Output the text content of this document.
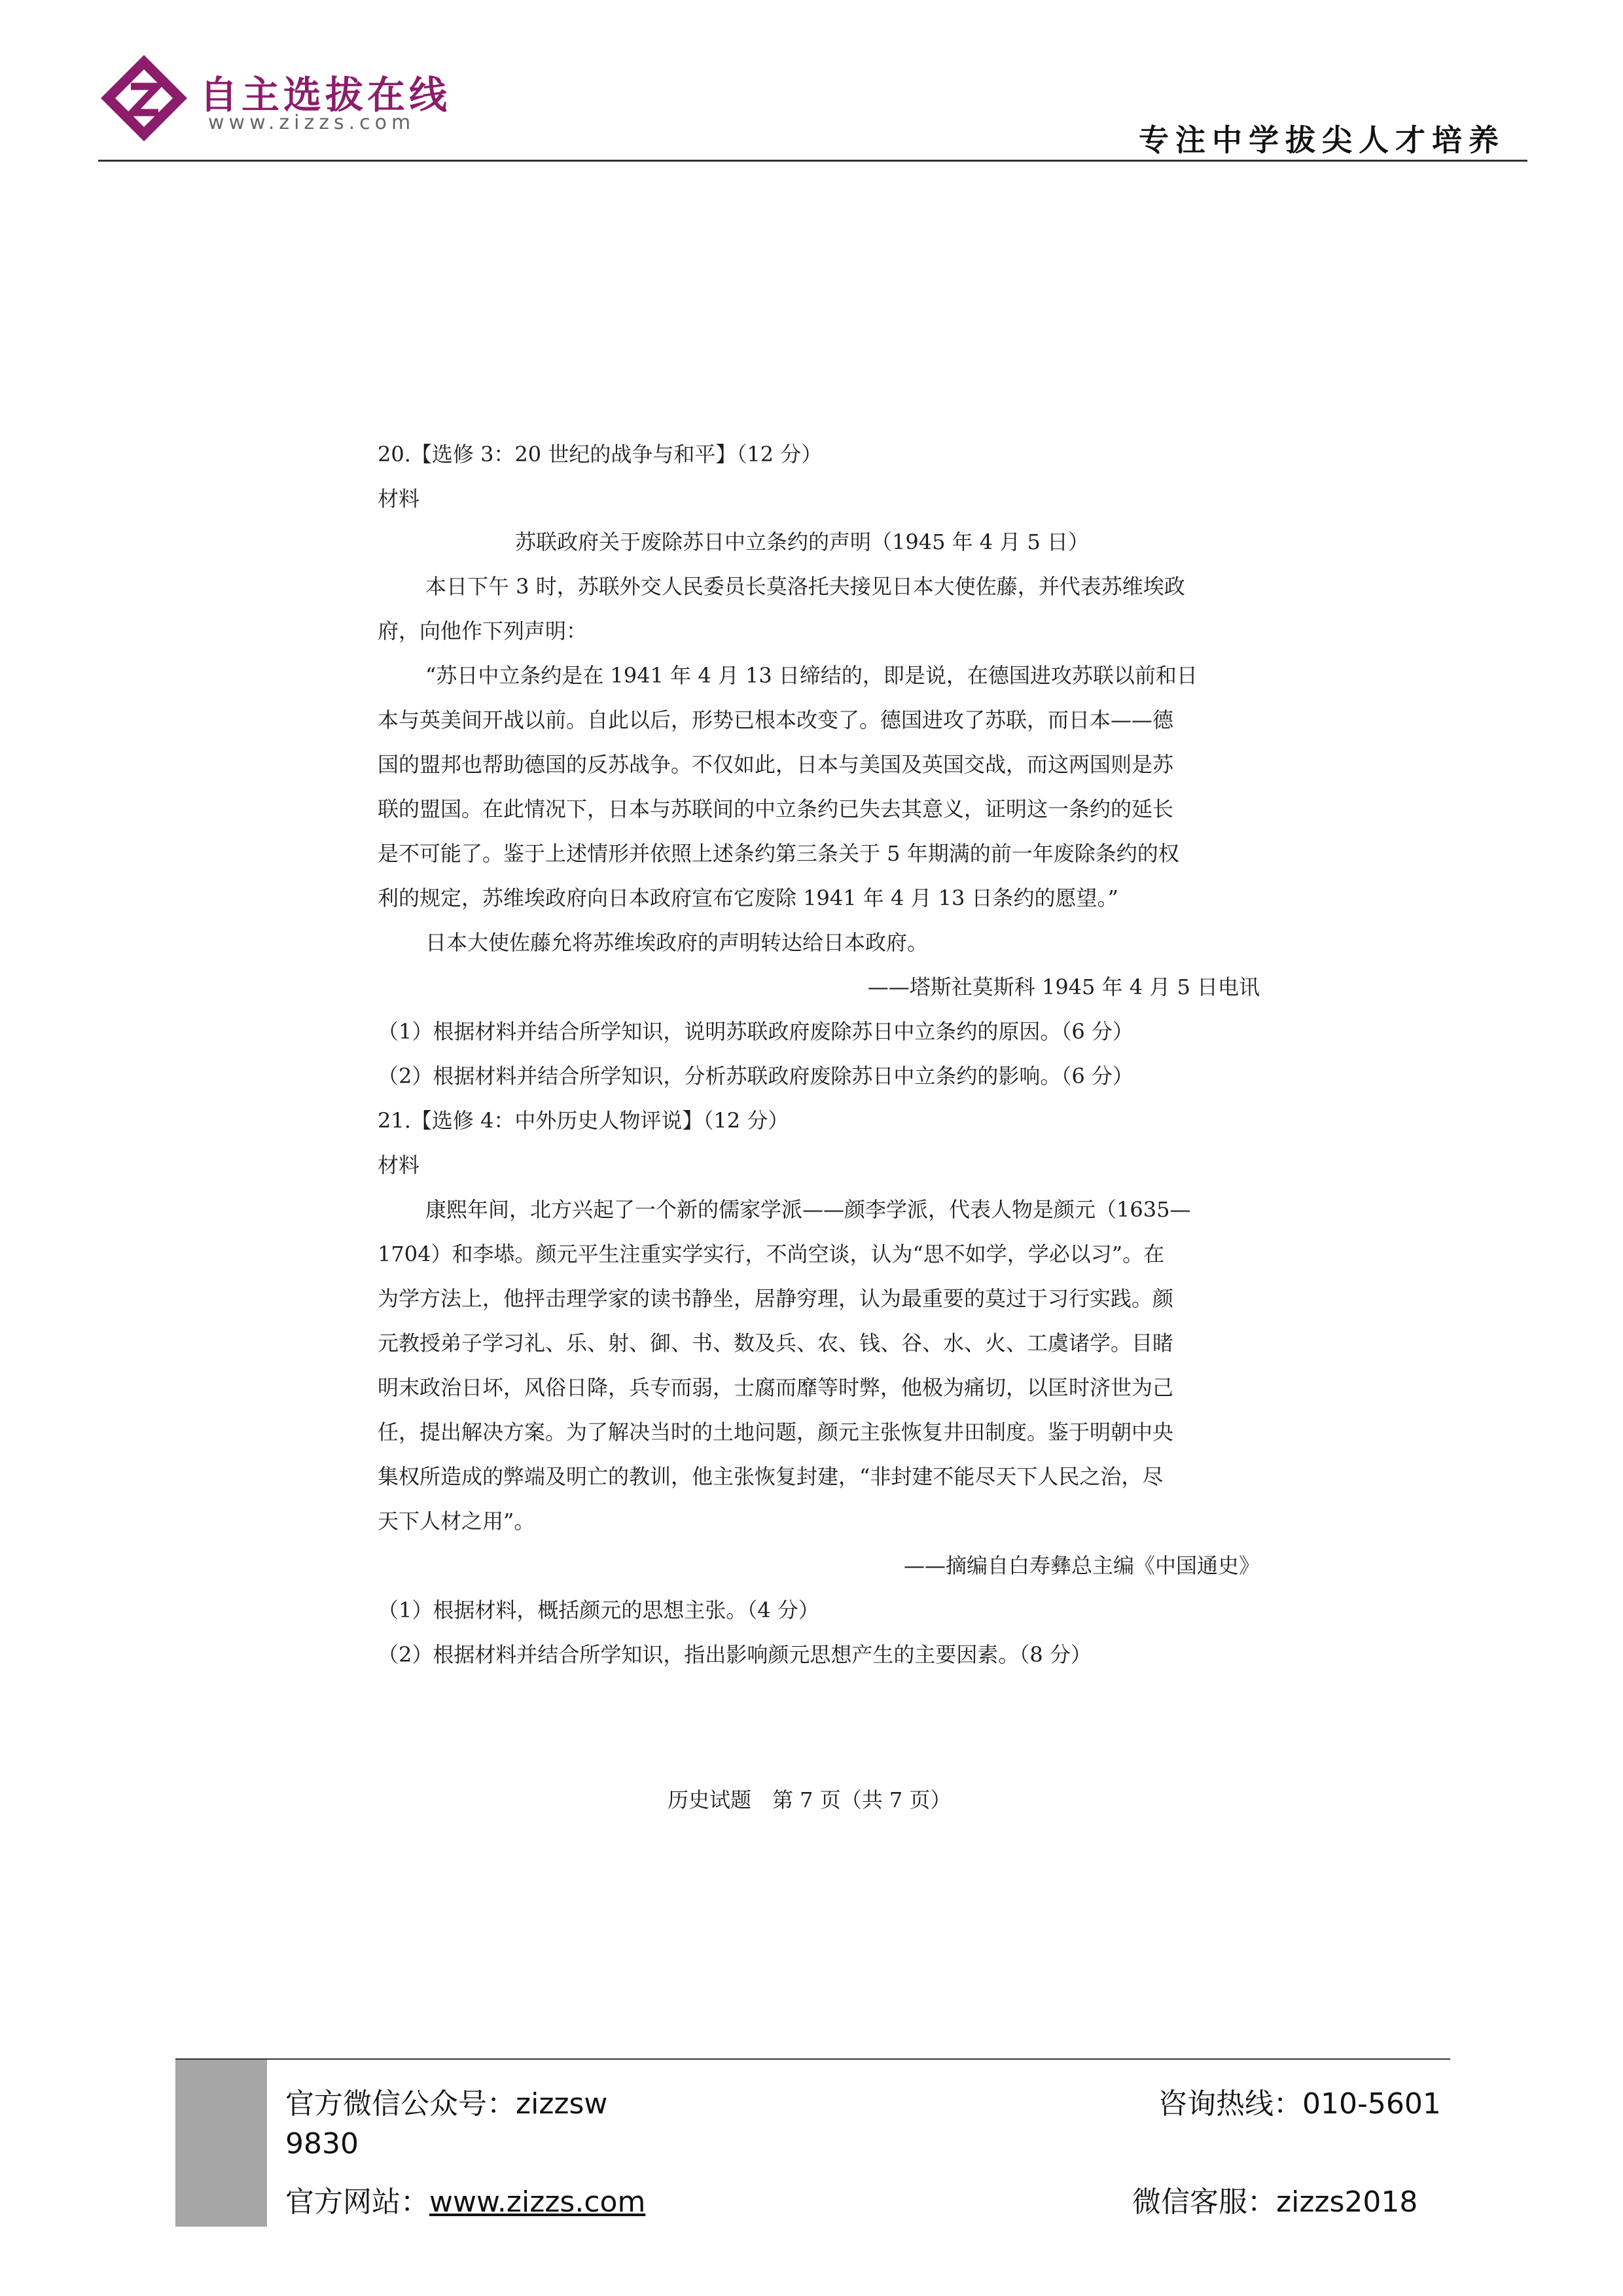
自主选拔在线
www.zizzs.com	专注中学拔尖人才培养
20.【选修 3：20 世纪的战争与和平】（12 分）
材料
苏联政府关于废除苏日中立条约的声明（1945 年 4 月 5 日）
本日下午 3 时，苏联外交人民委员长莫洛托夫接见日本大使佐藤，并代表苏维埃政
府，向他作下列声明：
“苏日中立条约是在 1941 年 4 月 13 日缔结的，即是说，在德国进攻苏联以前和日
本与英美间开战以前。自此以后，形势已根本改变了。德国进攻了苏联，而日本——德
国的盟邦也帮助德国的反苏战争。不仅如此，日本与美国及英国交战，而这两国则是苏
联的盟国。在此情况下，日本与苏联间的中立条约已失去其意义，证明这一条约的延长
是不可能了。鉴于上述情形并依照上述条约第三条关于 5 年期满的前一年废除条约的权
利的规定，苏维埃政府向日本政府宣布它废除 1941 年 4 月 13 日条约的愿望。”
日本大使佐藤允将苏维埃政府的声明转达给日本政府。
——塔斯社莫斯科 1945 年 4 月 5 日电讯
（1）根据材料并结合所学知识，说明苏联政府废除苏日中立条约的原因。（6 分）
（2）根据材料并结合所学知识，分析苏联政府废除苏日中立条约的影响。（6 分）
21.【选修 4：中外历史人物评说】（12 分）
材料
康熙年间，北方兴起了一个新的儒家学派——颜李学派，代表人物是颜元（1635—
1704）和李塨。颜元平生注重实学实行，不尚空谈，认为“思不如学，学必以习”。在
为学方法上，他抨击理学家的读书静坐，居静穷理，认为最重要的莫过于习行实践。颜
元教授弟子学习礼、乐、射、御、书、数及兵、农、钱、谷、水、火、工虞诸学。目睹
明末政治日坏，风俗日降，兵专而弱，士腐而靡等时弊，他极为痛切，以匡时济世为己
任，提出解决方案。为了解决当时的土地问题，颜元主张恢复井田制度。鉴于明朝中央
集权所造成的弊端及明亡的教训，他主张恢复封建，“非封建不能尽天下人民之治，尽
天下人材之用”。
——摘编自白寿彝总主编《中国通史》
（1）根据材料，概括颜元的思想主张。（4 分）
（2）根据材料并结合所学知识，指出影响颜元思想产生的主要因素。（8 分）
历史试题　第 7 页（共 7 页）
官方微信公众号：zizzsw
9830
官方网站：www.zizzs.com
咨询热线：010-5601
微信客服：zizzs2018
